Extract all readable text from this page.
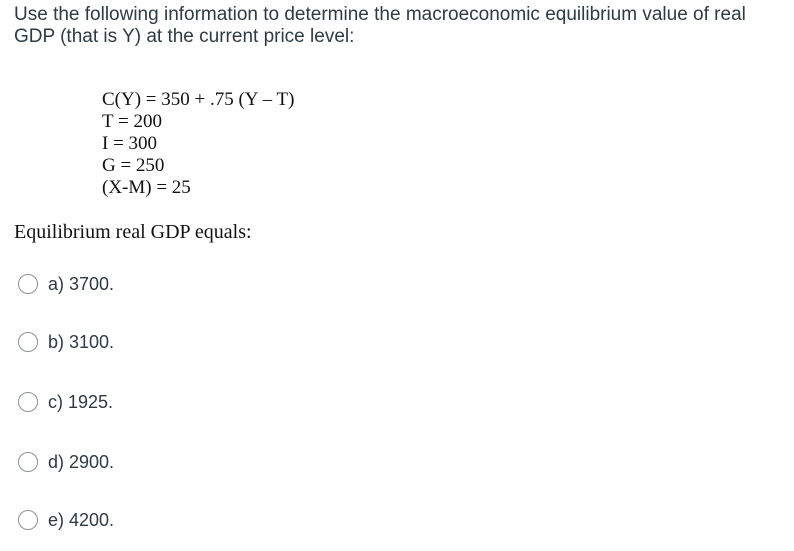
Use the following information to determine the macroeconomic equilibrium value of real GDP (that is Y) at the current price level:

C(Y) = 350 + .75 (Y – T)
T = 200
I = 300
G = 250
(X-M) = 25
Equilibrium real GDP equals:
a) 3700.
b) 3100.
c) 1925.
d) 2900.
e) 4200.
